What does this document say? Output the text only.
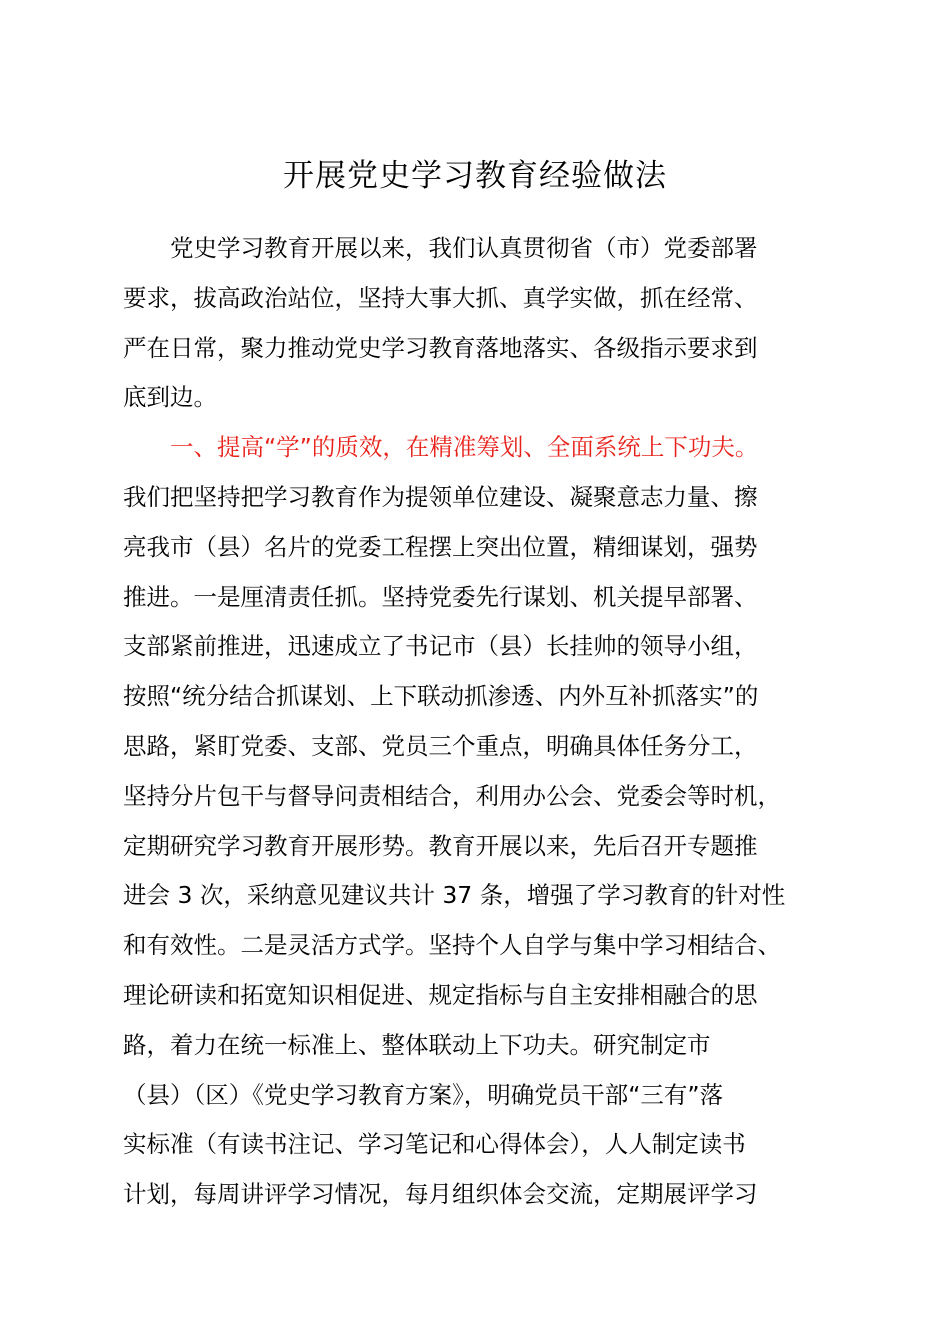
开展党史学习教育经验做法
　　党史学习教育开展以来，我们认真贯彻省（市）党委部署
要求，拔高政治站位，坚持大事大抓、真学实做，抓在经常、
严在日常，聚力推动党史学习教育落地落实、各级指示要求到
底到边。
　　一、提高“学”的质效，在精准筹划、全面系统上下功夫。
我们把坚持把学习教育作为提领单位建设、凝聚意志力量、擦
亮我市（县）名片的党委工程摆上突出位置，精细谋划，强势
推进。一是厘清责任抓。坚持党委先行谋划、机关提早部署、
支部紧前推进，迅速成立了书记市（县）长挂帅的领导小组，
按照“统分结合抓谋划、上下联动抓渗透、内外互补抓落实”的
思路，紧盯党委、支部、党员三个重点，明确具体任务分工，
坚持分片包干与督导问责相结合，利用办公会、党委会等时机，
定期研究学习教育开展形势。教育开展以来，先后召开专题推
进会 3 次，采纳意见建议共计 37 条，增强了学习教育的针对性
和有效性。二是灵活方式学。坚持个人自学与集中学习相结合、
理论研读和拓宽知识相促进、规定指标与自主安排相融合的思
路，着力在统一标准上、整体联动上下功夫。研究制定市
（县）（区）《党史学习教育方案》，明确党员干部“三有”落
实标准（有读书注记、学习笔记和心得体会），人人制定读书
计划，每周讲评学习情况，每月组织体会交流，定期展评学习
